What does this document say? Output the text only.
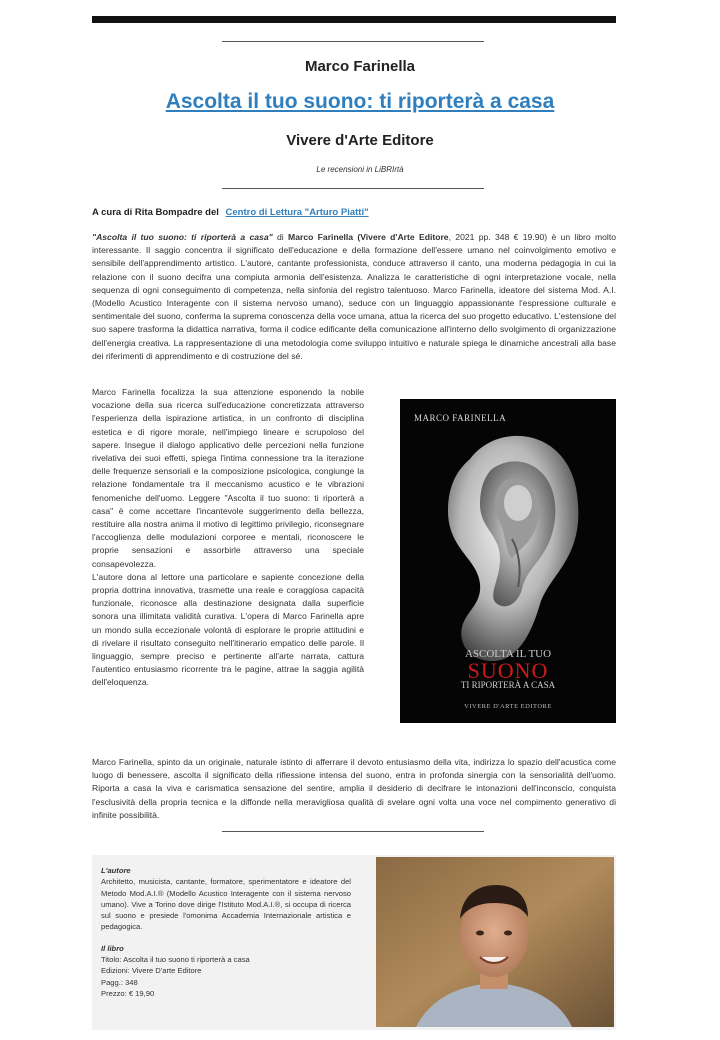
Marco Farinella
Ascolta il tuo suono: ti riporterà a casa
Vivere d'Arte Editore
Le recensioni in LiBRIrtà
A cura di Rita Bompadre del Centro di Lettura "Arturo Piatti"

"Ascolta il tuo suono: ti riporterà a casa" di Marco Farinella (Vivere d'Arte Editore, 2021 pp. 348 € 19.90) è un libro molto interessante. Il saggio concentra il significato dell'educazione e della formazione dell'essere umano nel coinvolgimento emotivo e sensibile dell'apprendimento artistico. L'autore, cantante professionista, conduce attraverso il canto, una moderna pedagogia in cui la relazione con il suono decifra una compiuta armonia dell'esistenza. Analizza le caratteristiche di ogni interpretazione vocale, nella sequenza di ogni conseguimento di competenza, nella sinfonia del registro talentuoso. Marco Farinella, ideatore del sistema Mod. A.I. (Modello Acustico Interagente con il sistema nervoso umano), seduce con un linguaggio appassionante l'espressione culturale e sentimentale del suono, conferma la suprema conoscenza della voce umana, attua la ricerca del suo progetto educativo. L'estensione del suo sapere trasforma la didattica narrativa, forma il codice edificante della comunicazione all'interno dello svolgimento di organizzazione dell'energia creativa. La rappresentazione di una metodologia come sviluppo intuitivo e naturale spiega le dinamiche ancestrali alla base dei riferimenti di apprendimento e di costruzione del sé.

Marco Farinella focalizza la sua attenzione esponendo la nobile vocazione della sua ricerca sull'educazione concretizzata attraverso l'esperienza della ispirazione artistica, in un confronto di disciplina estetica e di rigore morale, nell'impiego lineare e scrupoloso del sapere. Insegue il dialogo applicativo delle percezioni nella funzione rivelativa dei suoi effetti, spiega l'intima connessione tra la iterazione delle frequenze sensoriali e la composizione psicologica, congiunge la relazione fondamentale tra il meccanismo acustico e le vibrazioni fenomeniche dell'uomo. Leggere "Ascolta il tuo suono: ti riporterà a casa" è come accettare l'incantevole suggerimento della bellezza, restituire alla nostra anima il motivo di legittimo privilegio, riconsegnare l'accoglienza delle modulazioni corporee e mentali, riconoscere le proprie sensazioni e assorbirle attraverso una speciale consapevolezza.

L'autore dona al lettore una particolare e sapiente concezione della propria dottrina innovativa, trasmette una reale e coraggiosa capacità funzionale, riconosce alla destinazione designata dalla superficie sonora una illimitata validità curativa. L'opera di Marco Farinella apre un mondo sulla eccezionale volontà di esplorare le proprie attitudini e di rivelare il risultato conseguito nell'itinerario empatico delle parole. Il linguaggio, sempre preciso e pertinente all'arte narrata, cattura l'autentico entusiasmo ricorrente tra le pagine, attrae la saggia agilità dell'eloquenza.

MARCO FARINELLA
ASCOLTA IL TUO
SUONO
TI RIPORTERÀ A CASA
VIVERE D'ARTE EDITORE

Marco Farinella, spinto da un originale, naturale istinto di afferrare il devoto entusiasmo della vita, indirizza lo spazio dell'acustica come luogo di benessere, ascolta il significato della riflessione intensa del suono, entra in profonda sinergia con la sensorialità dell'uomo. Riporta a casa la viva e carismatica sensazione del sentire, amplia il desiderio di decifrare le intonazioni dell'inconscio, conquista l'esclusività della propria tecnica e la diffonde nella meravigliosa qualità di svelare ogni volta una voce nel compimento generativo di infinite possibilità.

L'autore

Architetto, musicista, cantante, formatore, sperimentatore e ideatore del Metodo Mod.A.I.® (Modello Acustico Interagente con il sistema nervoso umano). Vive a Torino dove dirige l'Istituto Mod.A.I.®, si occupa di ricerca sul suono e presiede l'omonima Accademia Internazionale artistica e pedagogica.

Il libro

Titolo: Ascolta il tuo suono ti riporterà a casa

Edizioni: Vivere D'arte Editore

Pagg.: 348

Prezzo: € 19,90
